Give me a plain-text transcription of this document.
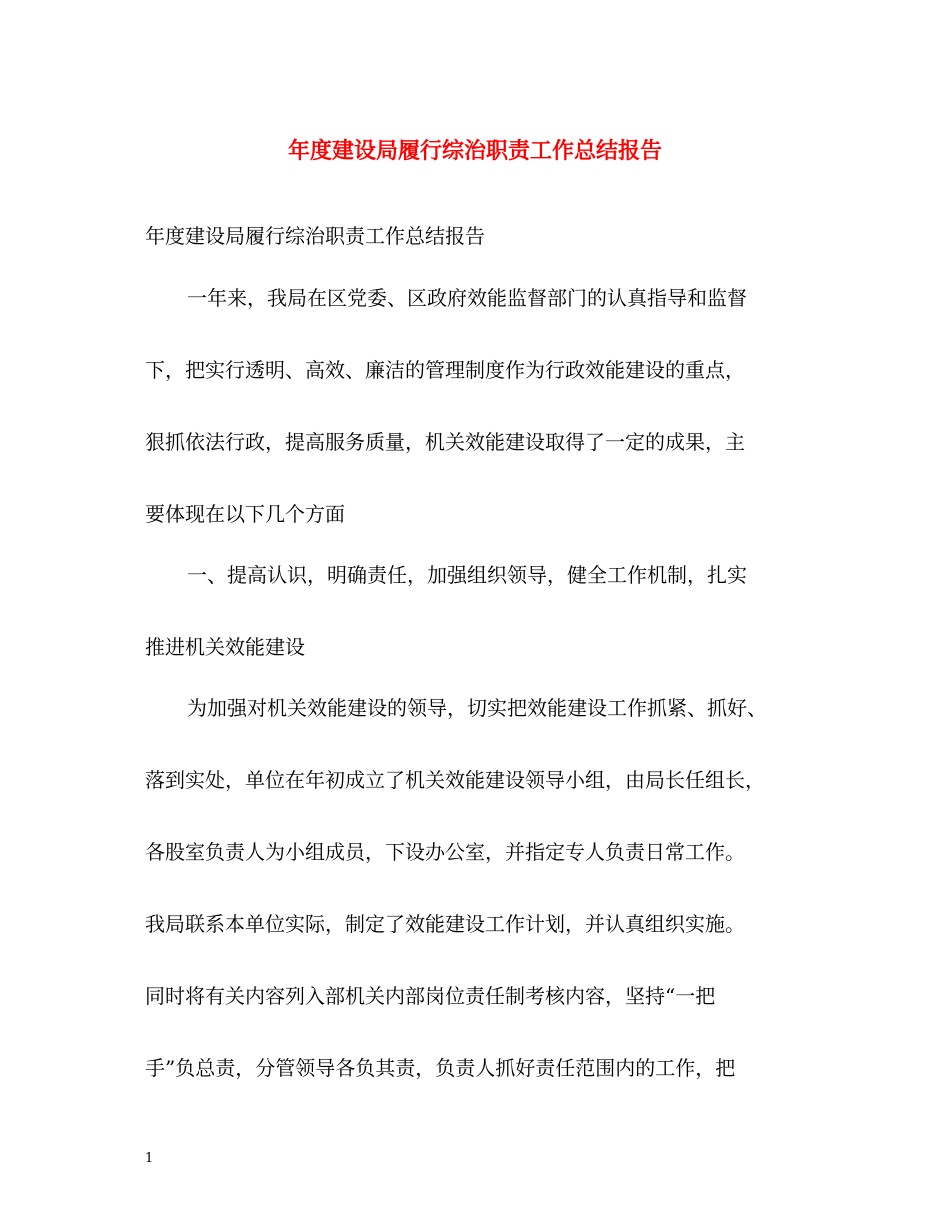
年度建设局履行综治职责工作总结报告
年度建设局履行综治职责工作总结报告
一年来，我局在区党委、区政府效能监督部门的认真指导和监督
下，把实行透明、高效、廉洁的管理制度作为行政效能建设的重点，
狠抓依法行政，提高服务质量，机关效能建设取得了一定的成果，主
要体现在以下几个方面
一、提高认识，明确责任，加强组织领导，健全工作机制，扎实
推进机关效能建设
为加强对机关效能建设的领导，切实把效能建设工作抓紧、抓好、
落到实处，单位在年初成立了机关效能建设领导小组，由局长任组长，
各股室负责人为小组成员，下设办公室，并指定专人负责日常工作。
我局联系本单位实际，制定了效能建设工作计划，并认真组织实施。
同时将有关内容列入部机关内部岗位责任制考核内容，坚持“一把
手”负总责，分管领导各负其责，负责人抓好责任范围内的工作，把
1
